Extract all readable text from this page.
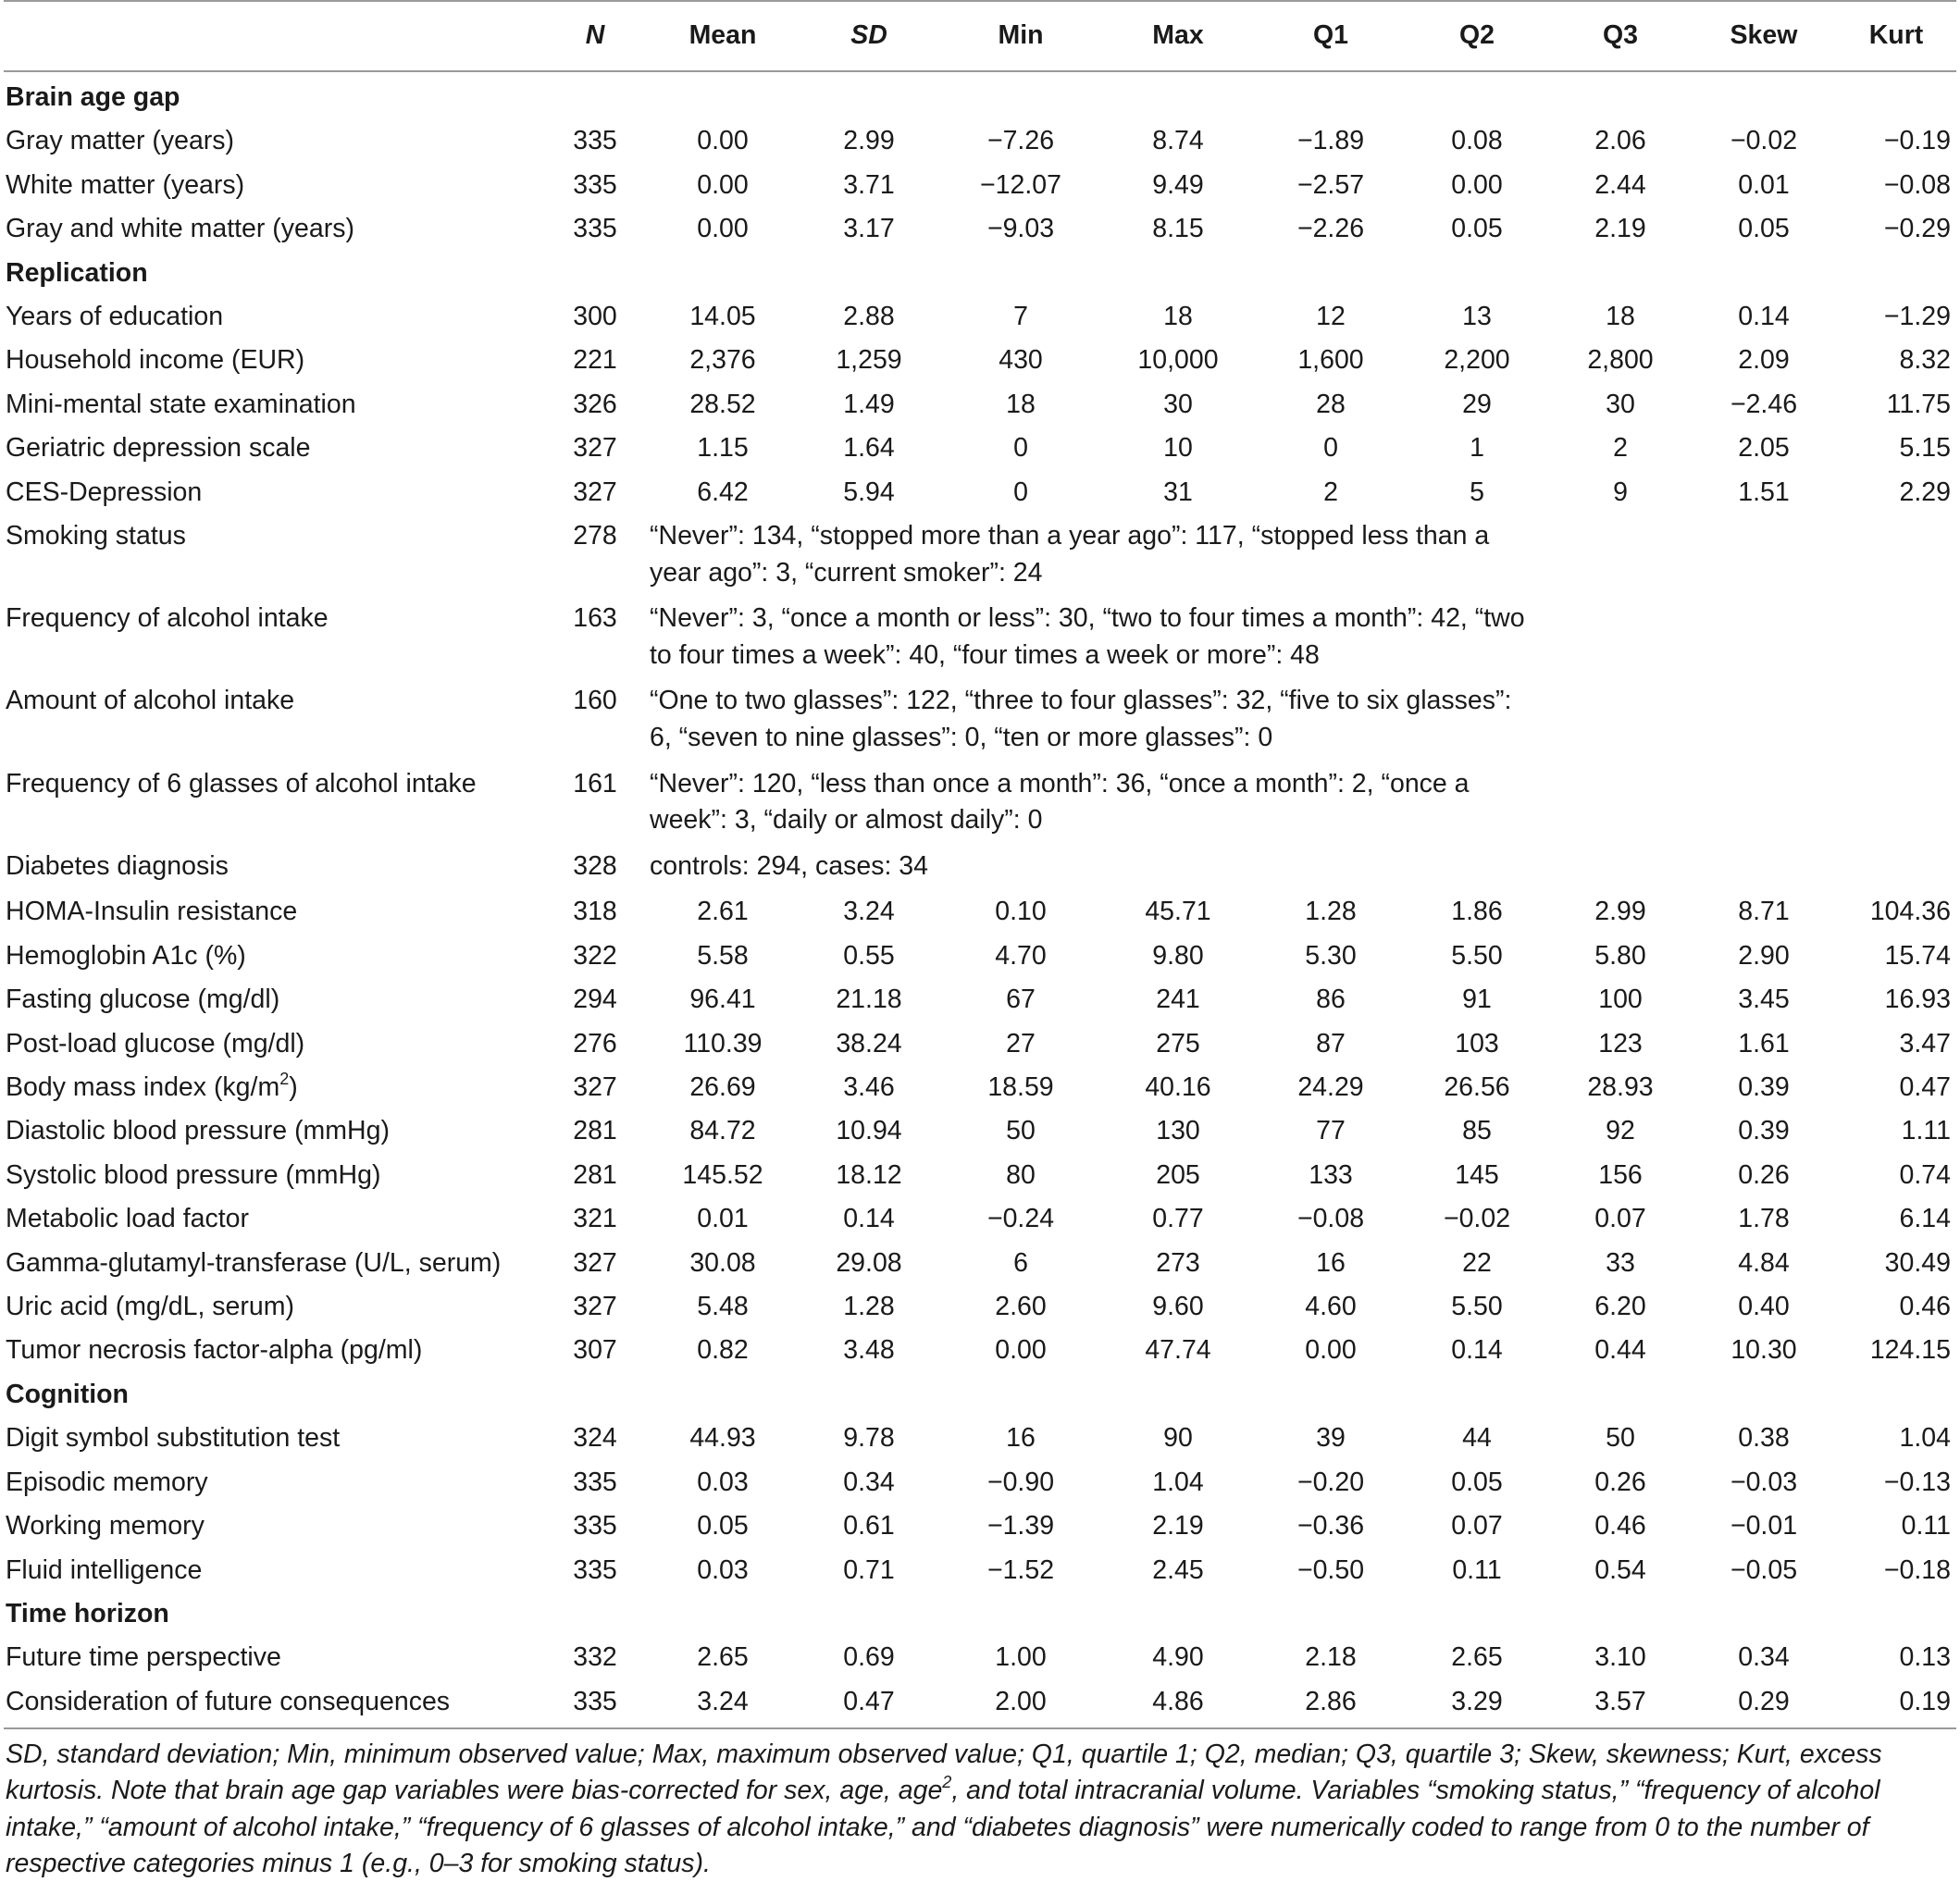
	N	Mean	SD	Min	Max	Q1	Q2	Q3	Skew	Kurt
Brain age gap										
Gray matter (years)	335	0.00	2.99	−7.26	8.74	−1.89	0.08	2.06	−0.02	−0.19
White matter (years)	335	0.00	3.71	−12.07	9.49	−2.57	0.00	2.44	0.01	−0.08
Gray and white matter (years)	335	0.00	3.17	−9.03	8.15	−2.26	0.05	2.19	0.05	−0.29
Replication										
Years of education	300	14.05	2.88	7	18	12	13	18	0.14	−1.29
Household income (EUR)	221	2,376	1,259	430	10,000	1,600	2,200	2,800	2.09	8.32
Mini-mental state examination	326	28.52	1.49	18	30	28	29	30	−2.46	11.75
Geriatric depression scale	327	1.15	1.64	0	10	0	1	2	2.05	5.15
CES-Depression	327	6.42	5.94	0	31	2	5	9	1.51	2.29
Smoking status	278	“Never”: 134, “stopped more than a year ago”: 117, “stopped less than a year ago”: 3, “current smoker”: 24								
Frequency of alcohol intake	163	“Never”: 3, “once a month or less”: 30, “two to four times a month”: 42, “two to four times a week”: 40, “four times a week or more”: 48								
Amount of alcohol intake	160	“One to two glasses”: 122, “three to four glasses”: 32, “five to six glasses”: 6, “seven to nine glasses”: 0, “ten or more glasses”: 0								
Frequency of 6 glasses of alcohol intake	161	“Never”: 120, “less than once a month”: 36, “once a month”: 2, “once a week”: 3, “daily or almost daily”: 0								
Diabetes diagnosis	328	controls: 294, cases: 34								
HOMA-Insulin resistance	318	2.61	3.24	0.10	45.71	1.28	1.86	2.99	8.71	104.36
Hemoglobin A1c (%)	322	5.58	0.55	4.70	9.80	5.30	5.50	5.80	2.90	15.74
Fasting glucose (mg/dl)	294	96.41	21.18	67	241	86	91	100	3.45	16.93
Post-load glucose (mg/dl)	276	110.39	38.24	27	275	87	103	123	1.61	3.47
Body mass index $(kg/m^2)$	327	26.69	3.46	18.59	40.16	24.29	26.56	28.93	0.39	0.47
Diastolic blood pressure (mmHg)	281	84.72	10.94	50	130	77	85	92	0.39	1.11
Systolic blood pressure (mmHg)	281	145.52	18.12	80	205	133	145	156	0.26	0.74
Metabolic load factor	321	0.01	0.14	−0.24	0.77	−0.08	−0.02	0.07	1.78	6.14
Gamma-glutamyl-transferase (U/L, serum)	327	30.08	29.08	6	273	16	22	33	4.84	30.49
Uric acid (mg/dL, serum)	327	5.48	1.28	2.60	9.60	4.60	5.50	6.20	0.40	0.46
Tumor necrosis factor-alpha (pg/ml)	307	0.82	3.48	0.00	47.74	0.00	0.14	0.44	10.30	124.15
Cognition										
Digit symbol substitution test	324	44.93	9.78	16	90	39	44	50	0.38	1.04
Episodic memory	335	0.03	0.34	−0.90	1.04	−0.20	0.05	0.26	−0.03	−0.13
Working memory	335	0.05	0.61	−1.39	2.19	−0.36	0.07	0.46	−0.01	0.11
Fluid intelligence	335	0.03	0.71	−1.52	2.45	−0.50	0.11	0.54	−0.05	−0.18
Time horizon										
Future time perspective	332	2.65	0.69	1.00	4.90	2.18	2.65	3.10	0.34	0.13
Consideration of future consequences	335	3.24	0.47	2.00	4.86	2.86	3.29	3.57	0.29	0.19

SD, standard deviation; Min, minimum observed value; Max, maximum observed value; Q1, quartile 1; Q2, median; Q3, quartile 3; Skew, skewness; Kurt, excess kurtosis. Note that brain age gap variables were bias-corrected for sex, age, age$^2$, and total intracranial volume. Variables “smoking status,” “frequency of alcohol intake,” “amount of alcohol intake,” “frequency of 6 glasses of alcohol intake,” and “diabetes diagnosis” were numerically coded to range from 0 to the number of respective categories minus 1 (e.g., 0–3 for smoking status).
